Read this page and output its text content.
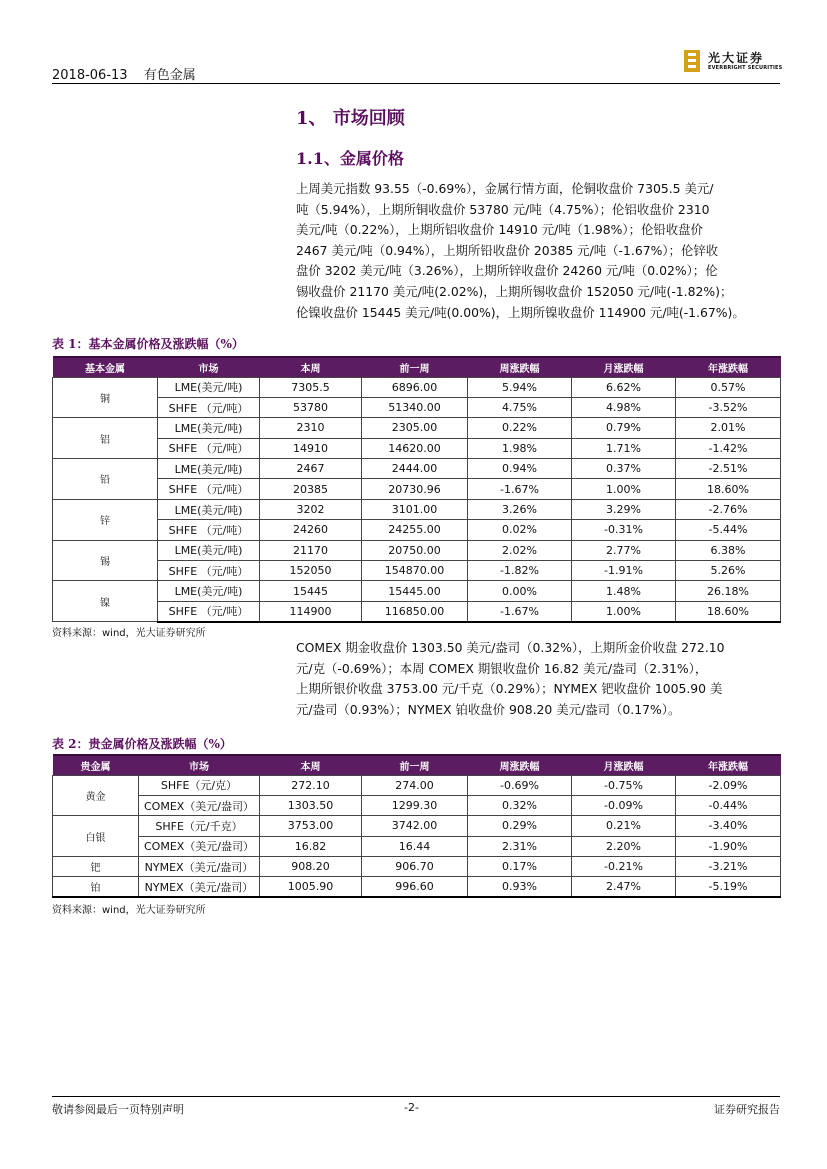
2018-06-13 有色金属
光大证券
EVERBRIGHT SECURITIES
1、 市场回顾
1.1、金属价格
上周美元指数 93.55（-0.69%），金属行情方面，伦铜收盘价 7305.5 美元/
吨（5.94%），上期所铜收盘价 53780 元/吨（4.75%）；伦铝收盘价 2310
美元/吨（0.22%），上期所铝收盘价 14910 元/吨（1.98%）；伦铅收盘价
2467 美元/吨（0.94%），上期所铅收盘价 20385 元/吨（-1.67%）；伦锌收
盘价 3202 美元/吨（3.26%），上期所锌收盘价 24260 元/吨（0.02%）；伦
锡收盘价 21170 美元/吨(2.02%)，上期所锡收盘价 152050 元/吨(-1.82%)；
伦镍收盘价 15445 美元/吨(0.00%)，上期所镍收盘价 114900 元/吨(-1.67%)。
表 1：基本金属价格及涨跌幅（%）
基本金属	市场	本周	前一周	周涨跌幅	月涨跌幅	年涨跌幅
铜	LME(美元/吨)	7305.5	6896.00	5.94%	6.62%	0.57%
	SHFE （元/吨）	53780	51340.00	4.75%	4.98%	-3.52%
铝	LME(美元/吨)	2310	2305.00	0.22%	0.79%	2.01%
	SHFE （元/吨）	14910	14620.00	1.98%	1.71%	-1.42%
铅	LME(美元/吨)	2467	2444.00	0.94%	0.37%	-2.51%
	SHFE （元/吨）	20385	20730.96	-1.67%	1.00%	18.60%
锌	LME(美元/吨)	3202	3101.00	3.26%	3.29%	-2.76%
	SHFE （元/吨）	24260	24255.00	0.02%	-0.31%	-5.44%
锡	LME(美元/吨)	21170	20750.00	2.02%	2.77%	6.38%
	SHFE （元/吨）	152050	154870.00	-1.82%	-1.91%	5.26%
镍	LME(美元/吨)	15445	15445.00	0.00%	1.48%	26.18%
	SHFE （元/吨）	114900	116850.00	-1.67%	1.00%	18.60%
资料来源：wind，光大证券研究所
COMEX 期金收盘价 1303.50 美元/盎司（0.32%），上期所金价收盘 272.10
元/克（-0.69%）；本周 COMEX 期银收盘价 16.82 美元/盎司（2.31%），
上期所银价收盘 3753.00 元/千克（0.29%）；NYMEX 钯收盘价 1005.90 美
元/盎司（0.93%）；NYMEX 铂收盘价 908.20 美元/盎司（0.17%）。
表 2：贵金属价格及涨跌幅（%）
贵金属	市场	本周	前一周	周涨跌幅	月涨跌幅	年涨跌幅
黄金	SHFE（元/克）	272.10	274.00	-0.69%	-0.75%	-2.09%
	COMEX（美元/盎司）	1303.50	1299.30	0.32%	-0.09%	-0.44%
白银	SHFE（元/千克）	3753.00	3742.00	0.29%	0.21%	-3.40%
	COMEX（美元/盎司）	16.82	16.44	2.31%	2.20%	-1.90%
钯	NYMEX（美元/盎司）	908.20	906.70	0.17%	-0.21%	-3.21%
铂	NYMEX（美元/盎司）	1005.90	996.60	0.93%	2.47%	-5.19%
资料来源：wind，光大证券研究所
敬请参阅最后一页特别声明	-2-	证券研究报告
